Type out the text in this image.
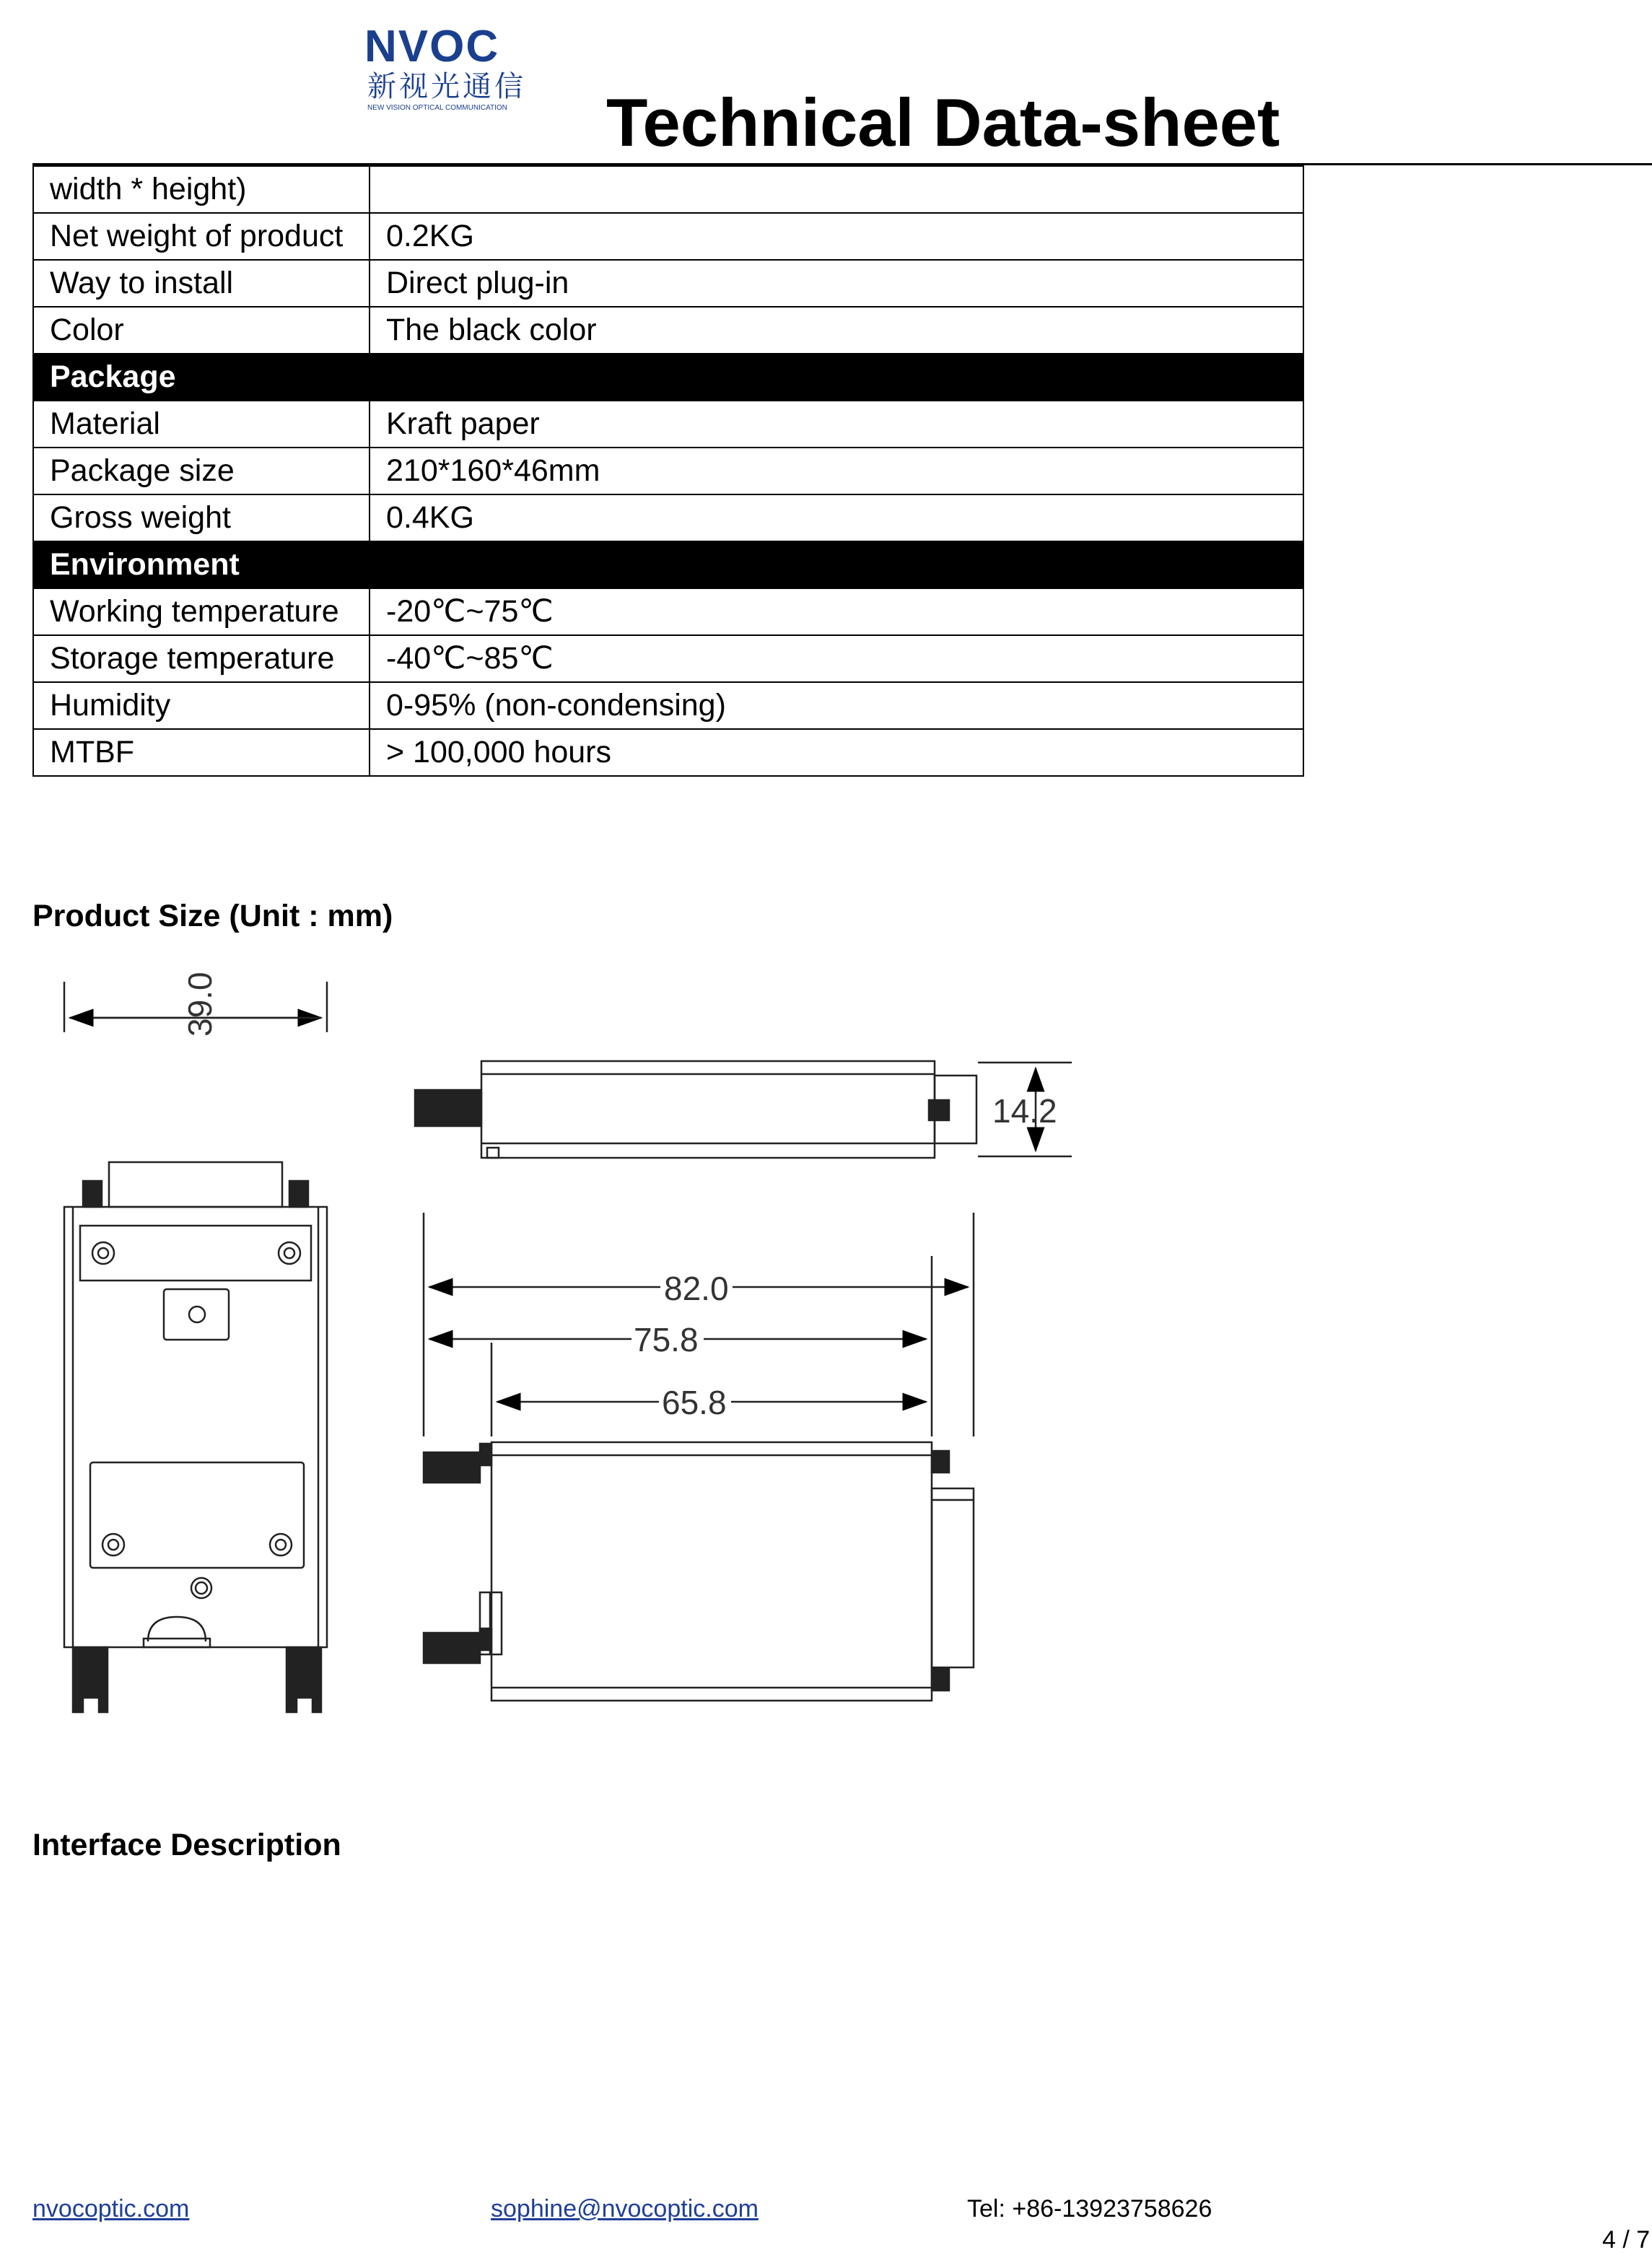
NVOC
新视光通信
NEW VISION OPTICAL COMMUNICATION Technical Data-sheet
width * height)	
Net weight of product	0.2KG
Way to install	Direct plug-in
Color	The black color
Package	
Material	Kraft paper
Package size	210*160*46mm
Gross weight	0.4KG
Environment	
Working temperature	-20℃~75℃
Storage temperature	-40℃~85℃
Humidity	0-95% (non-condensing)
MTBF	> 100,000 hours
Product Size (Unit : mm)
39.0
14.2
82.0
75.8
65.8
Interface Description
nvocoptic.com	sophine@nvocoptic.com	Tel: +86-13923758626
4 / 7
